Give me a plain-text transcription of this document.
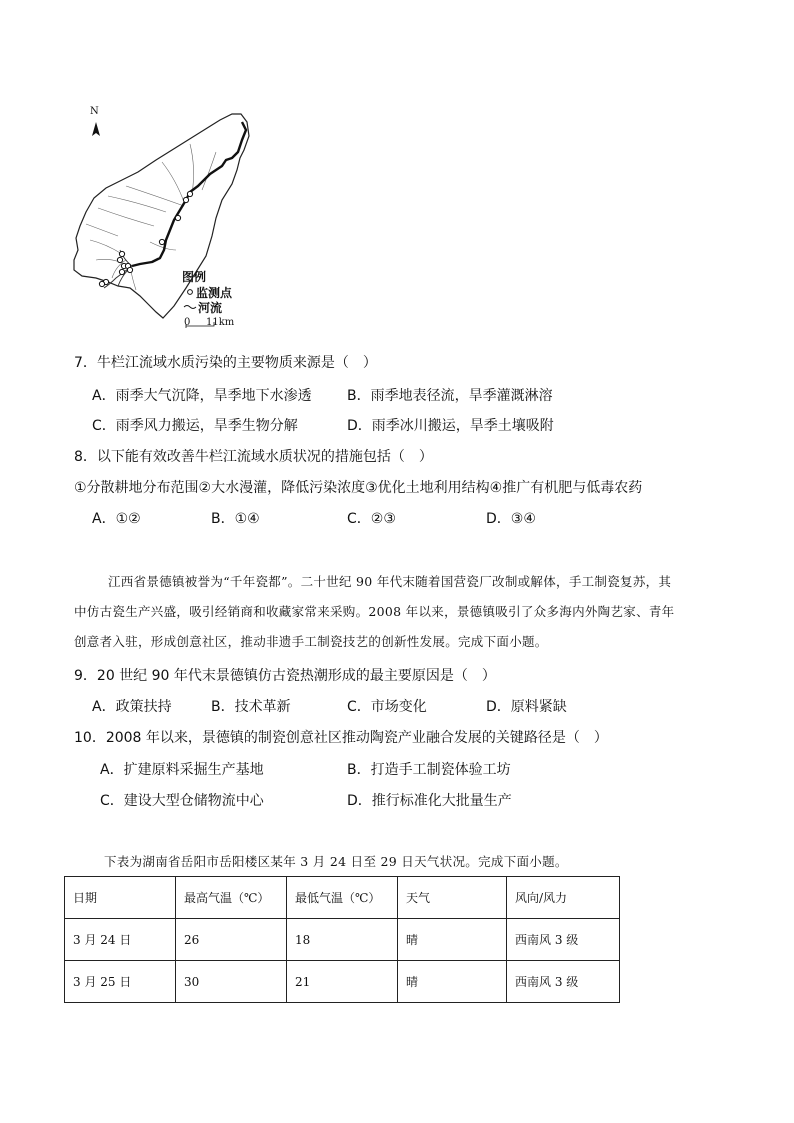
N
图例
监测点
河流
0 11km
7．牛栏江流域水质污染的主要物质来源是（　）
A．雨季大气沉降，旱季地下水渗透	B．雨季地表径流，旱季灌溉淋溶
C．雨季风力搬运，旱季生物分解	D．雨季冰川搬运，旱季土壤吸附
8．以下能有效改善牛栏江流域水质状况的措施包括（　）
①分散耕地分布范围②大水漫灌，降低污染浓度③优化土地利用结构④推广有机肥与低毒农药
A．①②	B．①④	C．②③	D．③④
江西省景德镇被誉为“千年瓷都”。二十世纪 90 年代末随着国营瓷厂改制或解体，手工制瓷复苏，其
中仿古瓷生产兴盛，吸引经销商和收藏家常来采购。2008 年以来，景德镇吸引了众多海内外陶艺家、青年
创意者入驻，形成创意社区，推动非遗手工制瓷技艺的创新性发展。完成下面小题。
9．20 世纪 90 年代末景德镇仿古瓷热潮形成的最主要原因是（　）
A．政策扶持	B．技术革新	C．市场变化	D．原料紧缺
10．2008 年以来，景德镇的制瓷创意社区推动陶瓷产业融合发展的关键路径是（　）
A．扩建原料采掘生产基地	B．打造手工制瓷体验工坊
C．建设大型仓储物流中心	D．推行标准化大批量生产
下表为湖南省岳阳市岳阳楼区某年 3 月 24 日至 29 日天气状况。完成下面小题。
日期	最高气温（℃）	最低气温（℃）	天气	风向/风力
3 月 24 日	26	18	晴	西南风 3 级
3 月 25 日	30	21	晴	西南风 3 级
